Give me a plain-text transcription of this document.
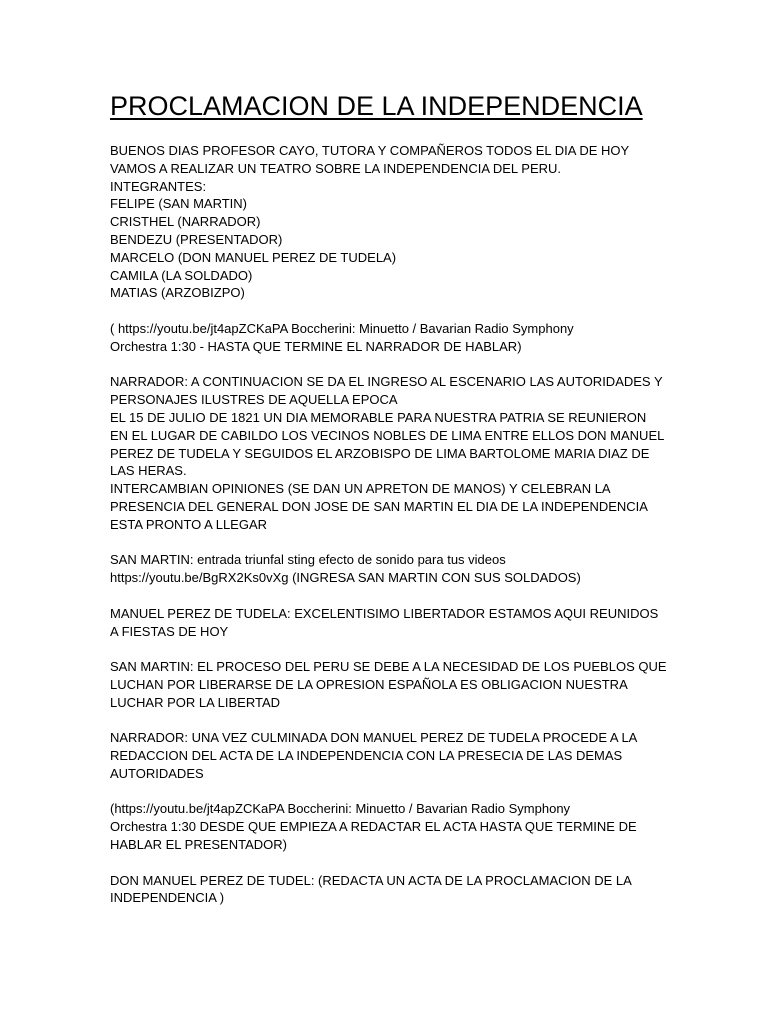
PROCLAMACION DE LA INDEPENDENCIA

BUENOS DIAS PROFESOR CAYO, TUTORA Y COMPAÑEROS TODOS EL DIA DE HOY
VAMOS A REALIZAR UN TEATRO SOBRE LA INDEPENDENCIA DEL PERU.
INTEGRANTES:
FELIPE (SAN MARTIN)
CRISTHEL (NARRADOR)
BENDEZU (PRESENTADOR)
MARCELO (DON MANUEL PEREZ DE TUDELA)
CAMILA (LA SOLDADO)
MATIAS (ARZOBIZPO)

( https://youtu.be/jt4apZCKaPA Boccherini: Minuetto / Bavarian Radio Symphony
Orchestra 1:30 - HASTA QUE TERMINE EL NARRADOR DE HABLAR)

NARRADOR: A CONTINUACION SE DA EL INGRESO AL ESCENARIO LAS AUTORIDADES Y
PERSONAJES ILUSTRES DE AQUELLA EPOCA
EL 15 DE JULIO DE 1821 UN DIA MEMORABLE PARA NUESTRA PATRIA SE REUNIERON
EN EL LUGAR DE CABILDO LOS VECINOS NOBLES DE LIMA ENTRE ELLOS DON MANUEL
PEREZ DE TUDELA Y SEGUIDOS EL ARZOBISPO DE LIMA BARTOLOME MARIA DIAZ DE
LAS HERAS.
INTERCAMBIAN OPINIONES (SE DAN UN APRETON DE MANOS) Y CELEBRAN LA
PRESENCIA DEL GENERAL DON JOSE DE SAN MARTIN EL DIA DE LA INDEPENDENCIA
ESTA PRONTO A LLEGAR

SAN MARTIN: entrada triunfal sting efecto de sonido para tus videos
https://youtu.be/BgRX2Ks0vXg (INGRESA SAN MARTIN CON SUS SOLDADOS)

MANUEL PEREZ DE TUDELA: EXCELENTISIMO LIBERTADOR ESTAMOS AQUI REUNIDOS
A FIESTAS DE HOY

SAN MARTIN: EL PROCESO DEL PERU SE DEBE A LA NECESIDAD DE LOS PUEBLOS QUE
LUCHAN POR LIBERARSE DE LA OPRESION ESPAÑOLA ES OBLIGACION NUESTRA
LUCHAR POR LA LIBERTAD

NARRADOR: UNA VEZ CULMINADA DON MANUEL PEREZ DE TUDELA PROCEDE A LA
REDACCION DEL ACTA DE LA INDEPENDENCIA CON LA PRESECIA DE LAS DEMAS
AUTORIDADES

(https://youtu.be/jt4apZCKaPA Boccherini: Minuetto / Bavarian Radio Symphony
Orchestra 1:30 DESDE QUE EMPIEZA A REDACTAR EL ACTA HASTA QUE TERMINE DE
HABLAR EL PRESENTADOR)

DON MANUEL PEREZ DE TUDEL: (REDACTA UN ACTA DE LA PROCLAMACION DE LA
INDEPENDENCIA )
